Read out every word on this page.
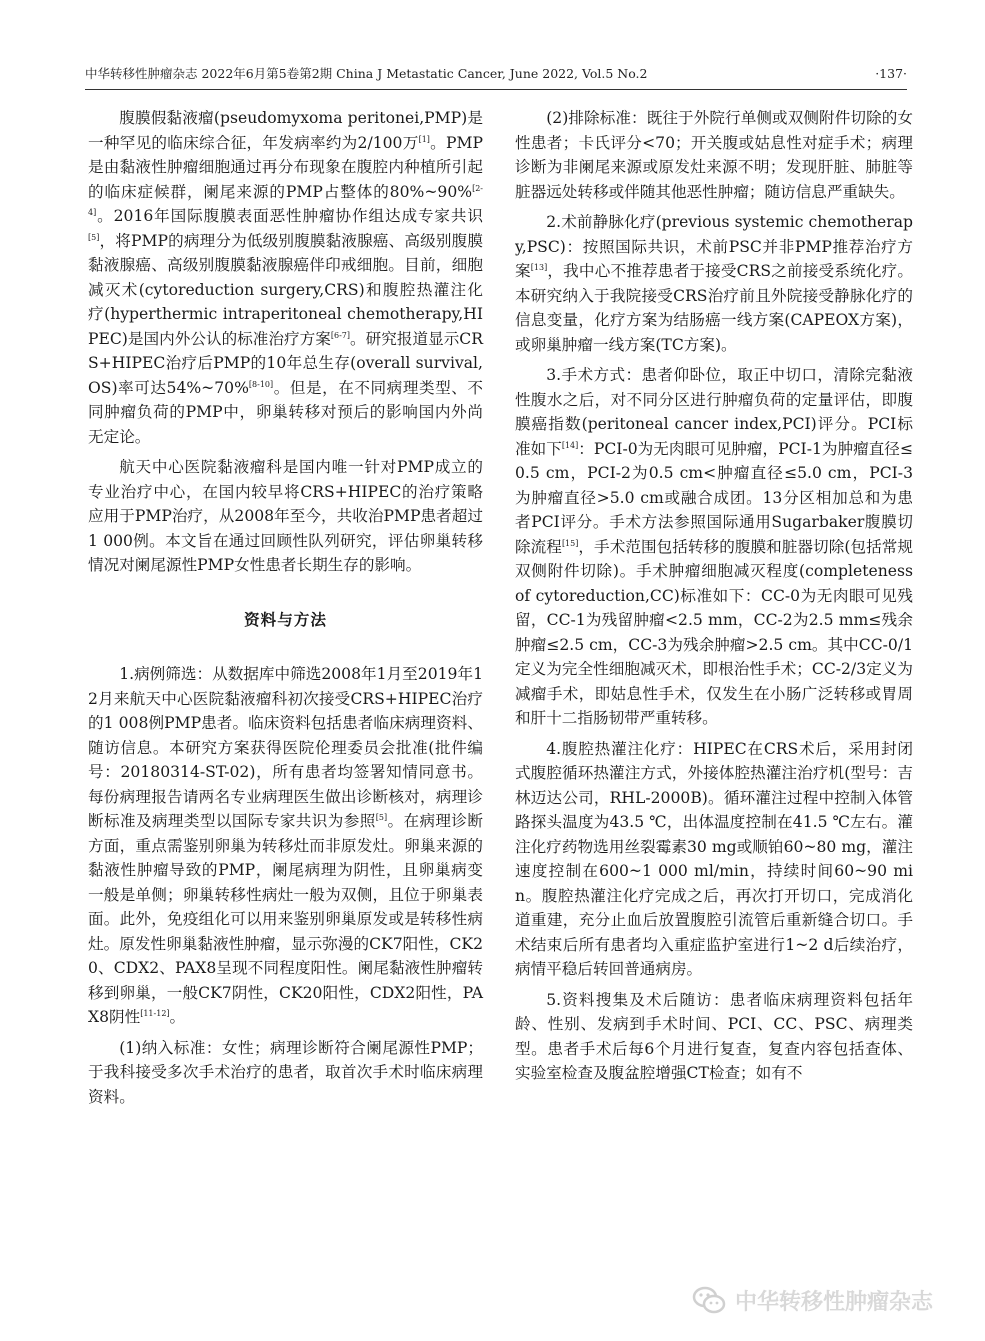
中华转移性肿瘤杂志 2022年6月第5卷第2期 China J Metastatic Cancer, June 2022, Vol.5 No.2	·137·

腹膜假黏液瘤(pseudomyxoma peritonei,PMP)是一种罕见的临床综合征，年发病率约为2/100万[1]。PMP是由黏液性肿瘤细胞通过再分布现象在腹腔内种植所引起的临床症候群，阑尾来源的PMP占整体的80%~90%[2-4]。2016年国际腹膜表面恶性肿瘤协作组达成专家共识[5]，将PMP的病理分为低级别腹膜黏液腺癌、高级别腹膜黏液腺癌、高级别腹膜黏液腺癌伴印戒细胞。目前，细胞减灭术(cytoreduction surgery,CRS)和腹腔热灌注化疗(hyperthermic intraperitoneal chemotherapy,HIPEC)是国内外公认的标准治疗方案[6-7]。研究报道显示CRS+HIPEC治疗后PMP的10年总生存(overall survival,OS)率可达54%~70%[8-10]。但是，在不同病理类型、不同肿瘤负荷的PMP中，卵巢转移对预后的影响国内外尚无定论。

航天中心医院黏液瘤科是国内唯一针对PMP成立的专业治疗中心，在国内较早将CRS+HIPEC的治疗策略应用于PMP治疗，从2008年至今，共收治PMP患者超过1 000例。本文旨在通过回顾性队列研究，评估卵巢转移情况对阑尾源性PMP女性患者长期生存的影响。

资料与方法

1.病例筛选：从数据库中筛选2008年1月至2019年12月来航天中心医院黏液瘤科初次接受CRS+HIPEC治疗的1 008例PMP患者。临床资料包括患者临床病理资料、随访信息。本研究方案获得医院伦理委员会批准(批件编号：20180314-ST-02)，所有患者均签署知情同意书。每份病理报告请两名专业病理医生做出诊断核对，病理诊断标准及病理类型以国际专家共识为参照[5]。在病理诊断方面，重点需鉴别卵巢为转移灶而非原发灶。卵巢来源的黏液性肿瘤导致的PMP，阑尾病理为阴性，且卵巢病变一般是单侧；卵巢转移性病灶一般为双侧，且位于卵巢表面。此外，免疫组化可以用来鉴别卵巢原发或是转移性病灶。原发性卵巢黏液性肿瘤，显示弥漫的CK7阳性，CK20、CDX2、PAX8呈现不同程度阳性。阑尾黏液性肿瘤转移到卵巢，一般CK7阴性，CK20阳性，CDX2阳性，PAX8阴性[11-12]。

(1)纳入标准：女性；病理诊断符合阑尾源性PMP；于我科接受多次手术治疗的患者，取首次手术时临床病理资料。

(2)排除标准：既往于外院行单侧或双侧附件切除的女性患者；卡氏评分<70；开关腹或姑息性对症手术；病理诊断为非阑尾来源或原发灶来源不明；发现肝脏、肺脏等脏器远处转移或伴随其他恶性肿瘤；随访信息严重缺失。

2.术前静脉化疗(previous systemic chemotherapy,PSC)：按照国际共识，术前PSC并非PMP推荐治疗方案[13]，我中心不推荐患者于接受CRS之前接受系统化疗。本研究纳入于我院接受CRS治疗前且外院接受静脉化疗的信息变量，化疗方案为结肠癌一线方案(CAPEOX方案)，或卵巢肿瘤一线方案(TC方案)。

3.手术方式：患者仰卧位，取正中切口，清除完黏液性腹水之后，对不同分区进行肿瘤负荷的定量评估，即腹膜癌指数(peritoneal cancer index,PCI)评分。PCI标准如下[14]：PCI-0为无肉眼可见肿瘤，PCI-1为肿瘤直径≤0.5 cm，PCI-2为0.5 cm<肿瘤直径≤5.0 cm，PCI-3为肿瘤直径>5.0 cm或融合成团。13分区相加总和为患者PCI评分。手术方法参照国际通用Sugarbaker腹膜切除流程[15]，手术范围包括转移的腹膜和脏器切除(包括常规双侧附件切除)。手术肿瘤细胞减灭程度(completeness of cytoreduction,CC)标准如下：CC-0为无肉眼可见残留，CC-1为残留肿瘤<2.5 mm，CC-2为2.5 mm≤残余肿瘤≤2.5 cm，CC-3为残余肿瘤>2.5 cm。其中CC-0/1定义为完全性细胞减灭术，即根治性手术；CC-2/3定义为减瘤手术，即姑息性手术，仅发生在小肠广泛转移或胃周和肝十二指肠韧带严重转移。

4.腹腔热灌注化疗：HIPEC在CRS术后，采用封闭式腹腔循环热灌注方式，外接体腔热灌注治疗机(型号：吉林迈达公司，RHL-2000B)。循环灌注过程中控制入体管路探头温度为43.5 ℃，出体温度控制在41.5 ℃左右。灌注化疗药物选用丝裂霉素30 mg或顺铂60~80 mg，灌注速度控制在600~1 000 ml/min，持续时间60~90 min。腹腔热灌注化疗完成之后，再次打开切口，完成消化道重建，充分止血后放置腹腔引流管后重新缝合切口。手术结束后所有患者均入重症监护室进行1~2 d后续治疗，病情平稳后转回普通病房。

5.资料搜集及术后随访：患者临床病理资料包括年龄、性别、发病到手术时间、PCI、CC、PSC、病理类型。患者手术后每6个月进行复查，复查内容包括查体、实验室检查及腹盆腔增强CT检查；如有不

中华转移性肿瘤杂志
